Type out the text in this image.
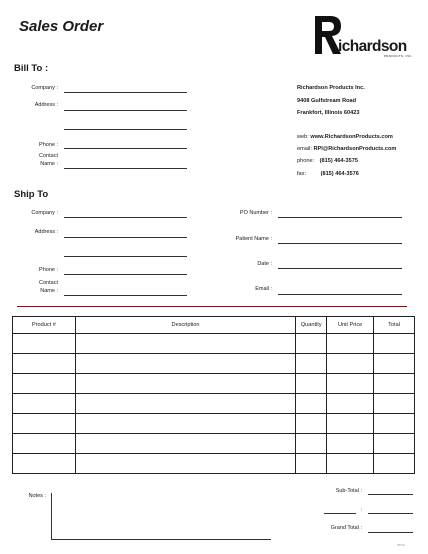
Sales Order
ichardson
PRODUCTS, INC.
Bill To :
Company :
Address :
Phone :
Contact
Name :
Richardson Products Inc.
9408 Gulfstream Road
Frankfort, Illinois 60423
web: www.RichardsonProducts.com
email: RPI@RichardsonProducts.com
phone: (815) 464-3575
fax:	(815) 464-3576
Ship To
Company :
Address :
Phone :
Contact
Name :
PO Number :
Patient Name :
Date :
Email :
Product #	Description	Quantity	Unit Price	Total

Notes :
Sub-Total :
:
Grand Total :
07/10
